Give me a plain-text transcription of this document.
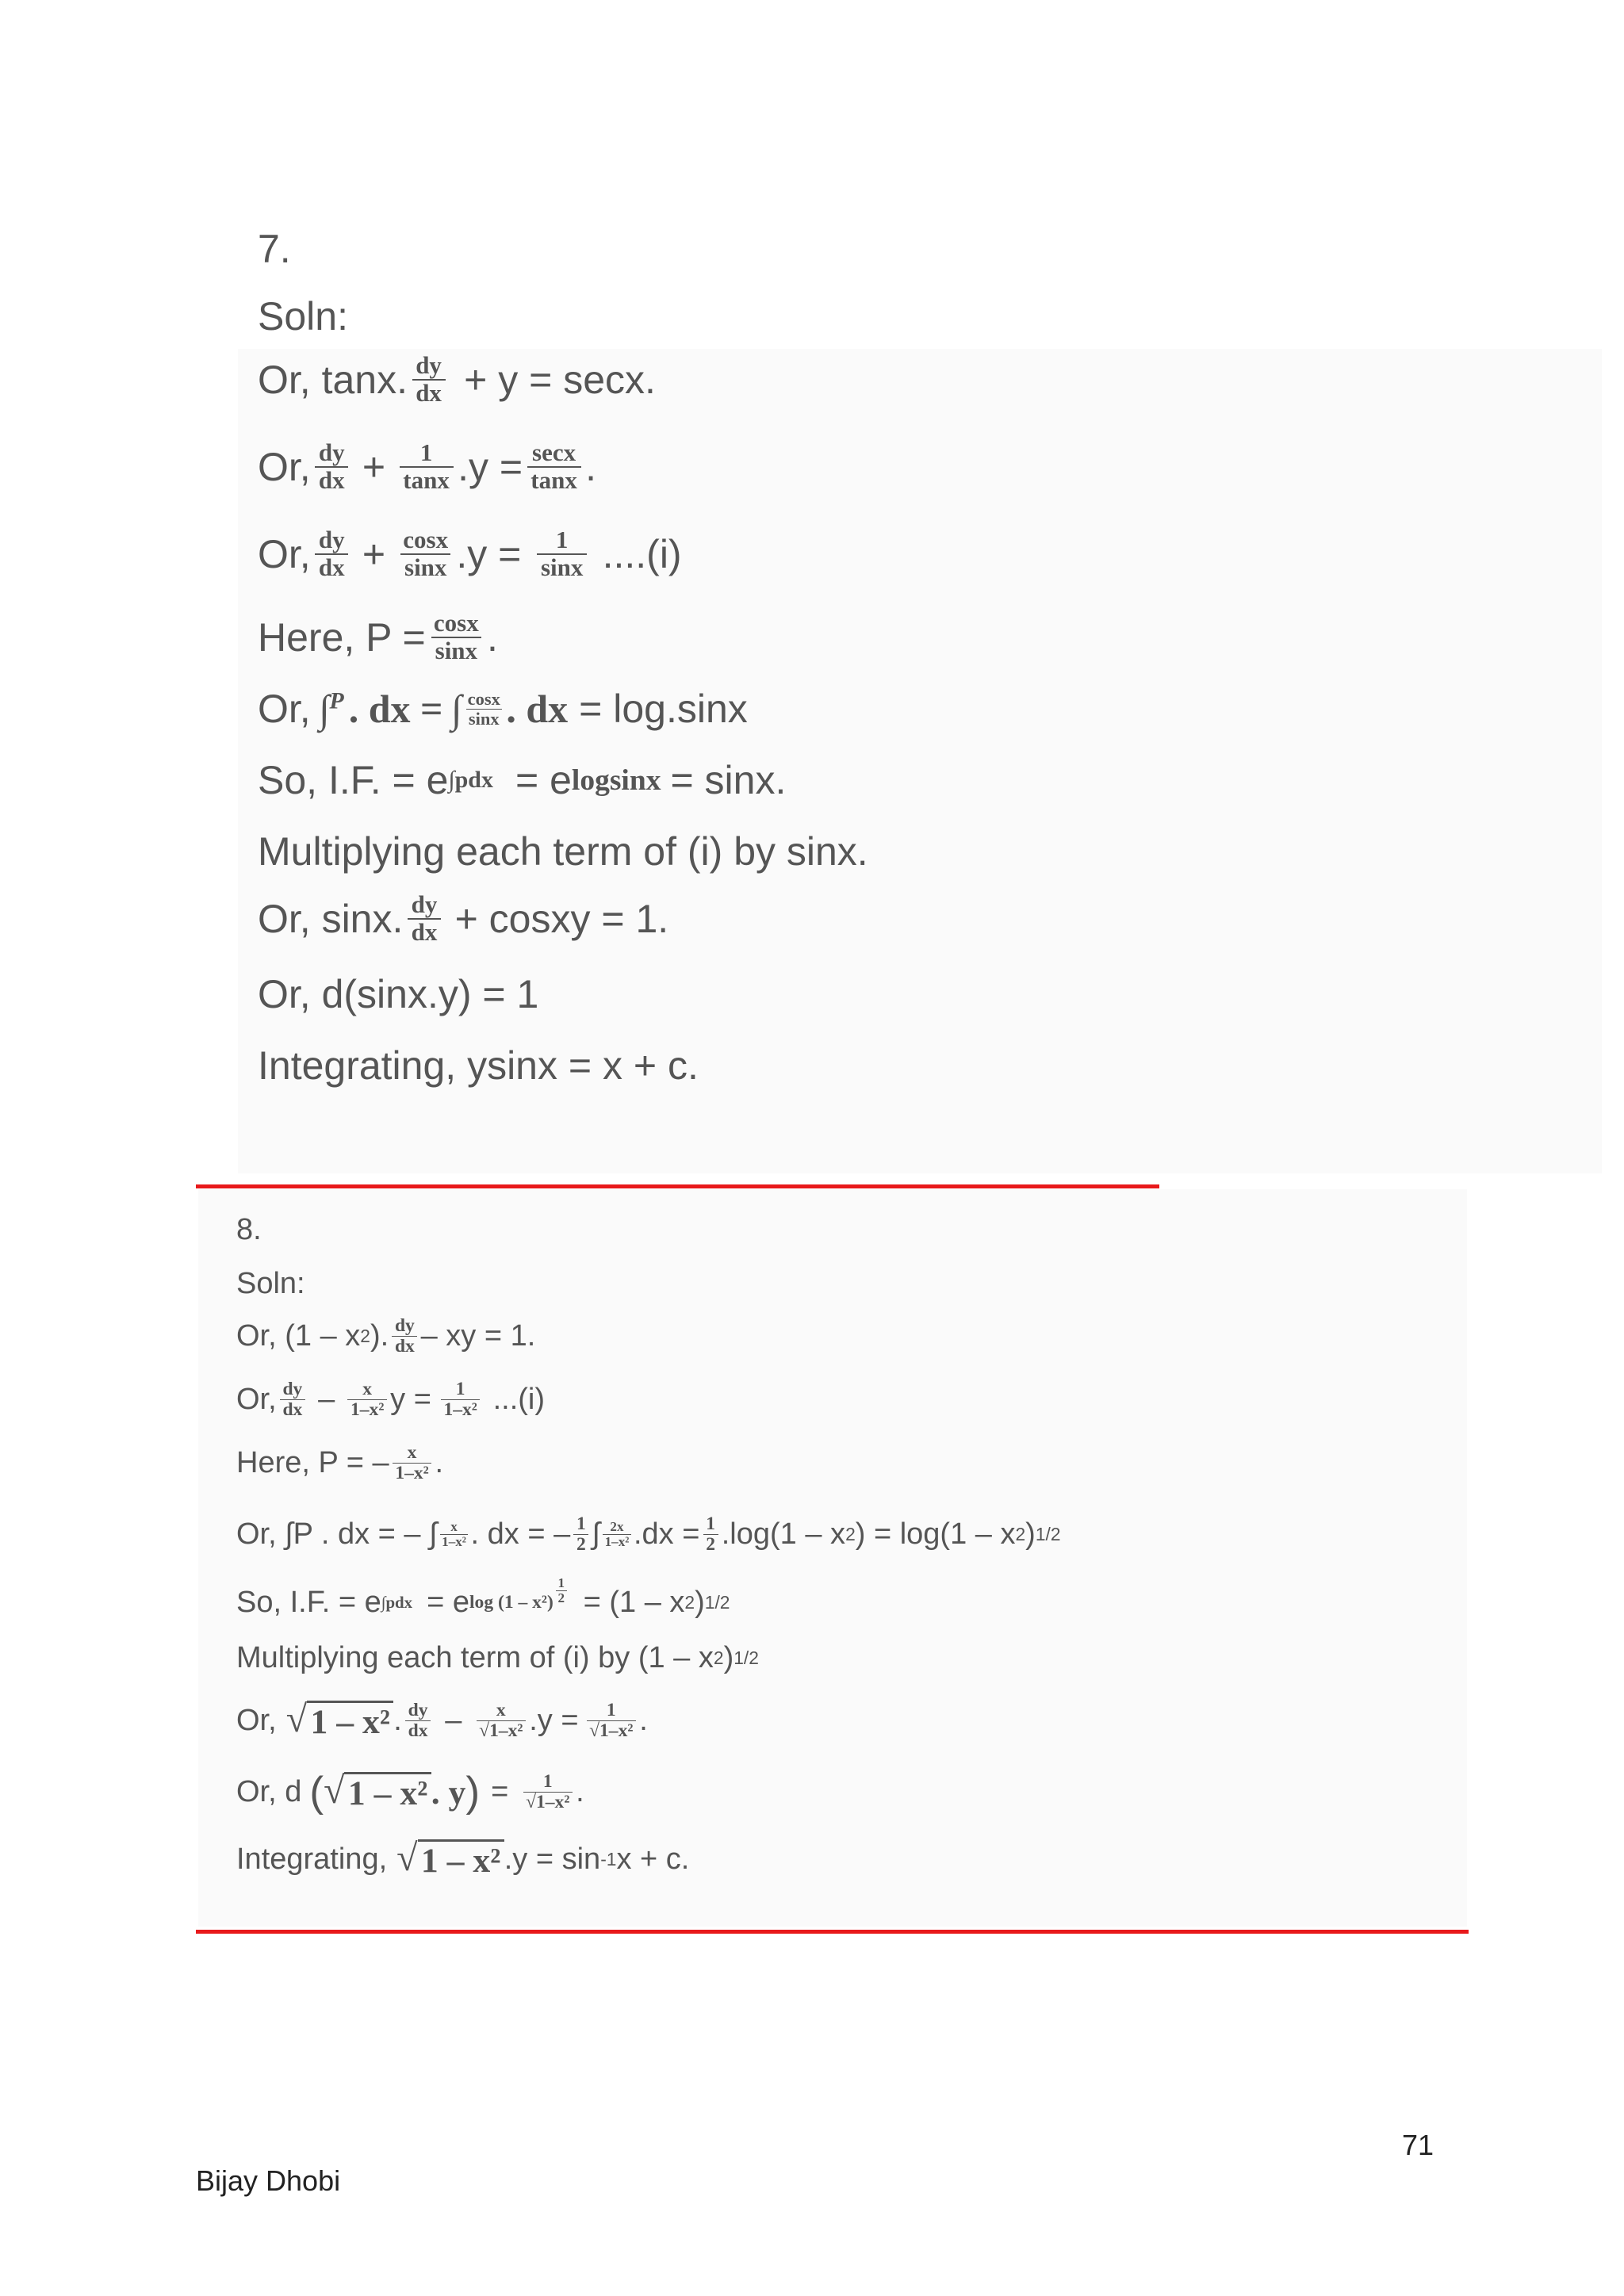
7.
Soln:
Or, tanx. $\frac{dy}{dx} + y = \sec x$.
Or, $\frac{dy}{dx} + \frac{1}{\tan x} .y = \frac{\sec x}{\tan x}$ .
Or, $\frac{dy}{dx} + \frac{\cos x}{\sin x} .y = \frac{1}{\sin x} ....(i)$
Here, $P = \frac{\cos x}{\sin x}$ .
Or, ∫$^P$ . dx = ∫ $\frac{\cos x}{\sin x}$ . dx = log.sinx
So, I.F. = e ∫pdx = e logsinx = sinx.
Multiplying each term of (i) by sinx.
Or, sinx. $\frac{dy}{dx}$ + cosxy = 1.
Or, d(sinx.y) = 1
Integrating, ysinx = x + c.
8.
Soln:
Or, (1 – x 2 ). $\frac{dy}{dx}$ – xy = 1.
Or, $\frac{dy}{dx} - \frac{x}{\text{1–x²}}$ $y = \frac{1}{\text{1–x²}} ...(i)$
Here, P = – $\frac{x}{\text{1–x²}}$ .
Or, ∫P . dx = – ∫ $\frac{x}{\text{1–x²}}$ . dx = – $\frac{1}{2}$ ∫ $\frac{2x}{\text{1–x²}} .dx = \frac{1}{2} .\log(1 - x$ 2 ) = log(1 – x 2 ) 1/2
So, I.F. = e ∫pdx = e $\log (1 - x^2) \frac{1}{2} = (1 - x$ 2 ) 1/2
Multiplying each term of (i) by (1 – x 2 ) 1/2
Or, √ 1 – x² . $\frac{dy}{dx} - \frac{x}{\text{√1–x²}} .y = \frac{1}{\text{√1–x²}}$ .
Or, d ( √ 1 – x² . y ) = $\frac{1}{\text{√1–x²}}$ .
Integrating, √ 1 – x² .y = sin -1 x + c.
71
Bijay Dhobi
